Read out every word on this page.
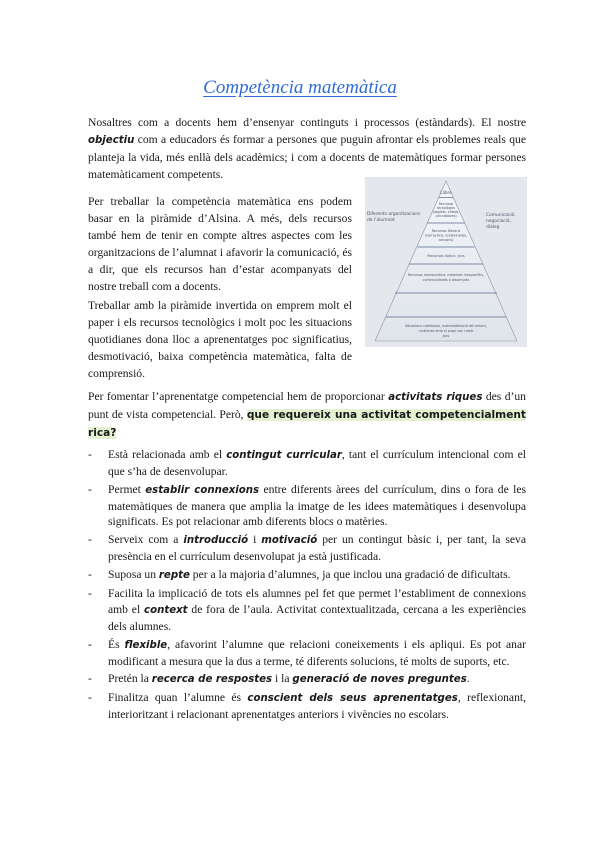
Competència matemàtica

Nosaltres com a docents hem d’ensenyar continguts i processos (estàndards). El nostre objectiu com a educadors és formar a persones que puguin afrontar els problemes reals que planteja la vida, més enllà dels acadèmics; i com a docents de matemàtiques formar persones matemàticament competents.

Per treballar la competència matemàtica ens podem basar en la piràmide d’Alsina. A més, dels recursos també hem de tenir en compte altres aspectes com les organitzacions de l’alumnat i afavorir la comunicació, és a dir, que els recursos han d’estar acompanyats del nostre treball com a docents.

Treballar amb la piràmide invertida on emprem molt el paper i els recursos tecnològics i molt poc les situacions quotidianes dona lloc a aprenentatges poc significatius, desmotivació, baixa competència matemàtica, falta de comprensió.

Llibre
Recursos
tecnològics
(applets, vídeos,
calculadores)
Recursos literaris
(narracions, endevinalles,
cançons)
Recursos lúdics: jocs
Recursos manipulatius: materials inespecífics,
comercialitzats o dissenyats
Situacions cotidianes, matematització del entorn,
vivències amb el propi cos i amb
jocs
Diferents organitzacions
de l’alumnat
Comunicació,
negociació,
diàleg

Per fomentar l’aprenentatge competencial hem de proporcionar activitats riques des d’un punt de vista competencial. Però, que requereix una activitat competencialment rica?

- Està relacionada amb el contingut curricular, tant el currículum intencional com el que s’ha de desenvolupar.
- Permet establir connexions entre diferents àrees del currículum, dins o fora de les matemàtiques de manera que amplia la imatge de les idees matemàtiques i desenvolupa significats. Es pot relacionar amb diferents blocs o matèries.
- Serveix com a introducció i motivació per un contingut bàsic i, per tant, la seva presència en el currículum desenvolupat ja està justificada.
- Suposa un repte per a la majoria d’alumnes, ja que inclou una gradació de dificultats.
- Facilita la implicació de tots els alumnes pel fet que permet l’establiment de connexions amb el context de fora de l’aula. Activitat contextualitzada, cercana a les experiències dels alumnes.
- És flexible, afavorint l’alumne que relacioni coneixements i els apliqui. Es pot anar modificant a mesura que la dus a terme, té diferents solucions, té molts de suports, etc.
- Pretén la recerca de respostes i la generació de noves preguntes.
- Finalitza quan l’alumne és conscient dels seus aprenentatges, reflexionant, interioritzant i relacionant aprenentatges anteriors i vivències no escolars.
